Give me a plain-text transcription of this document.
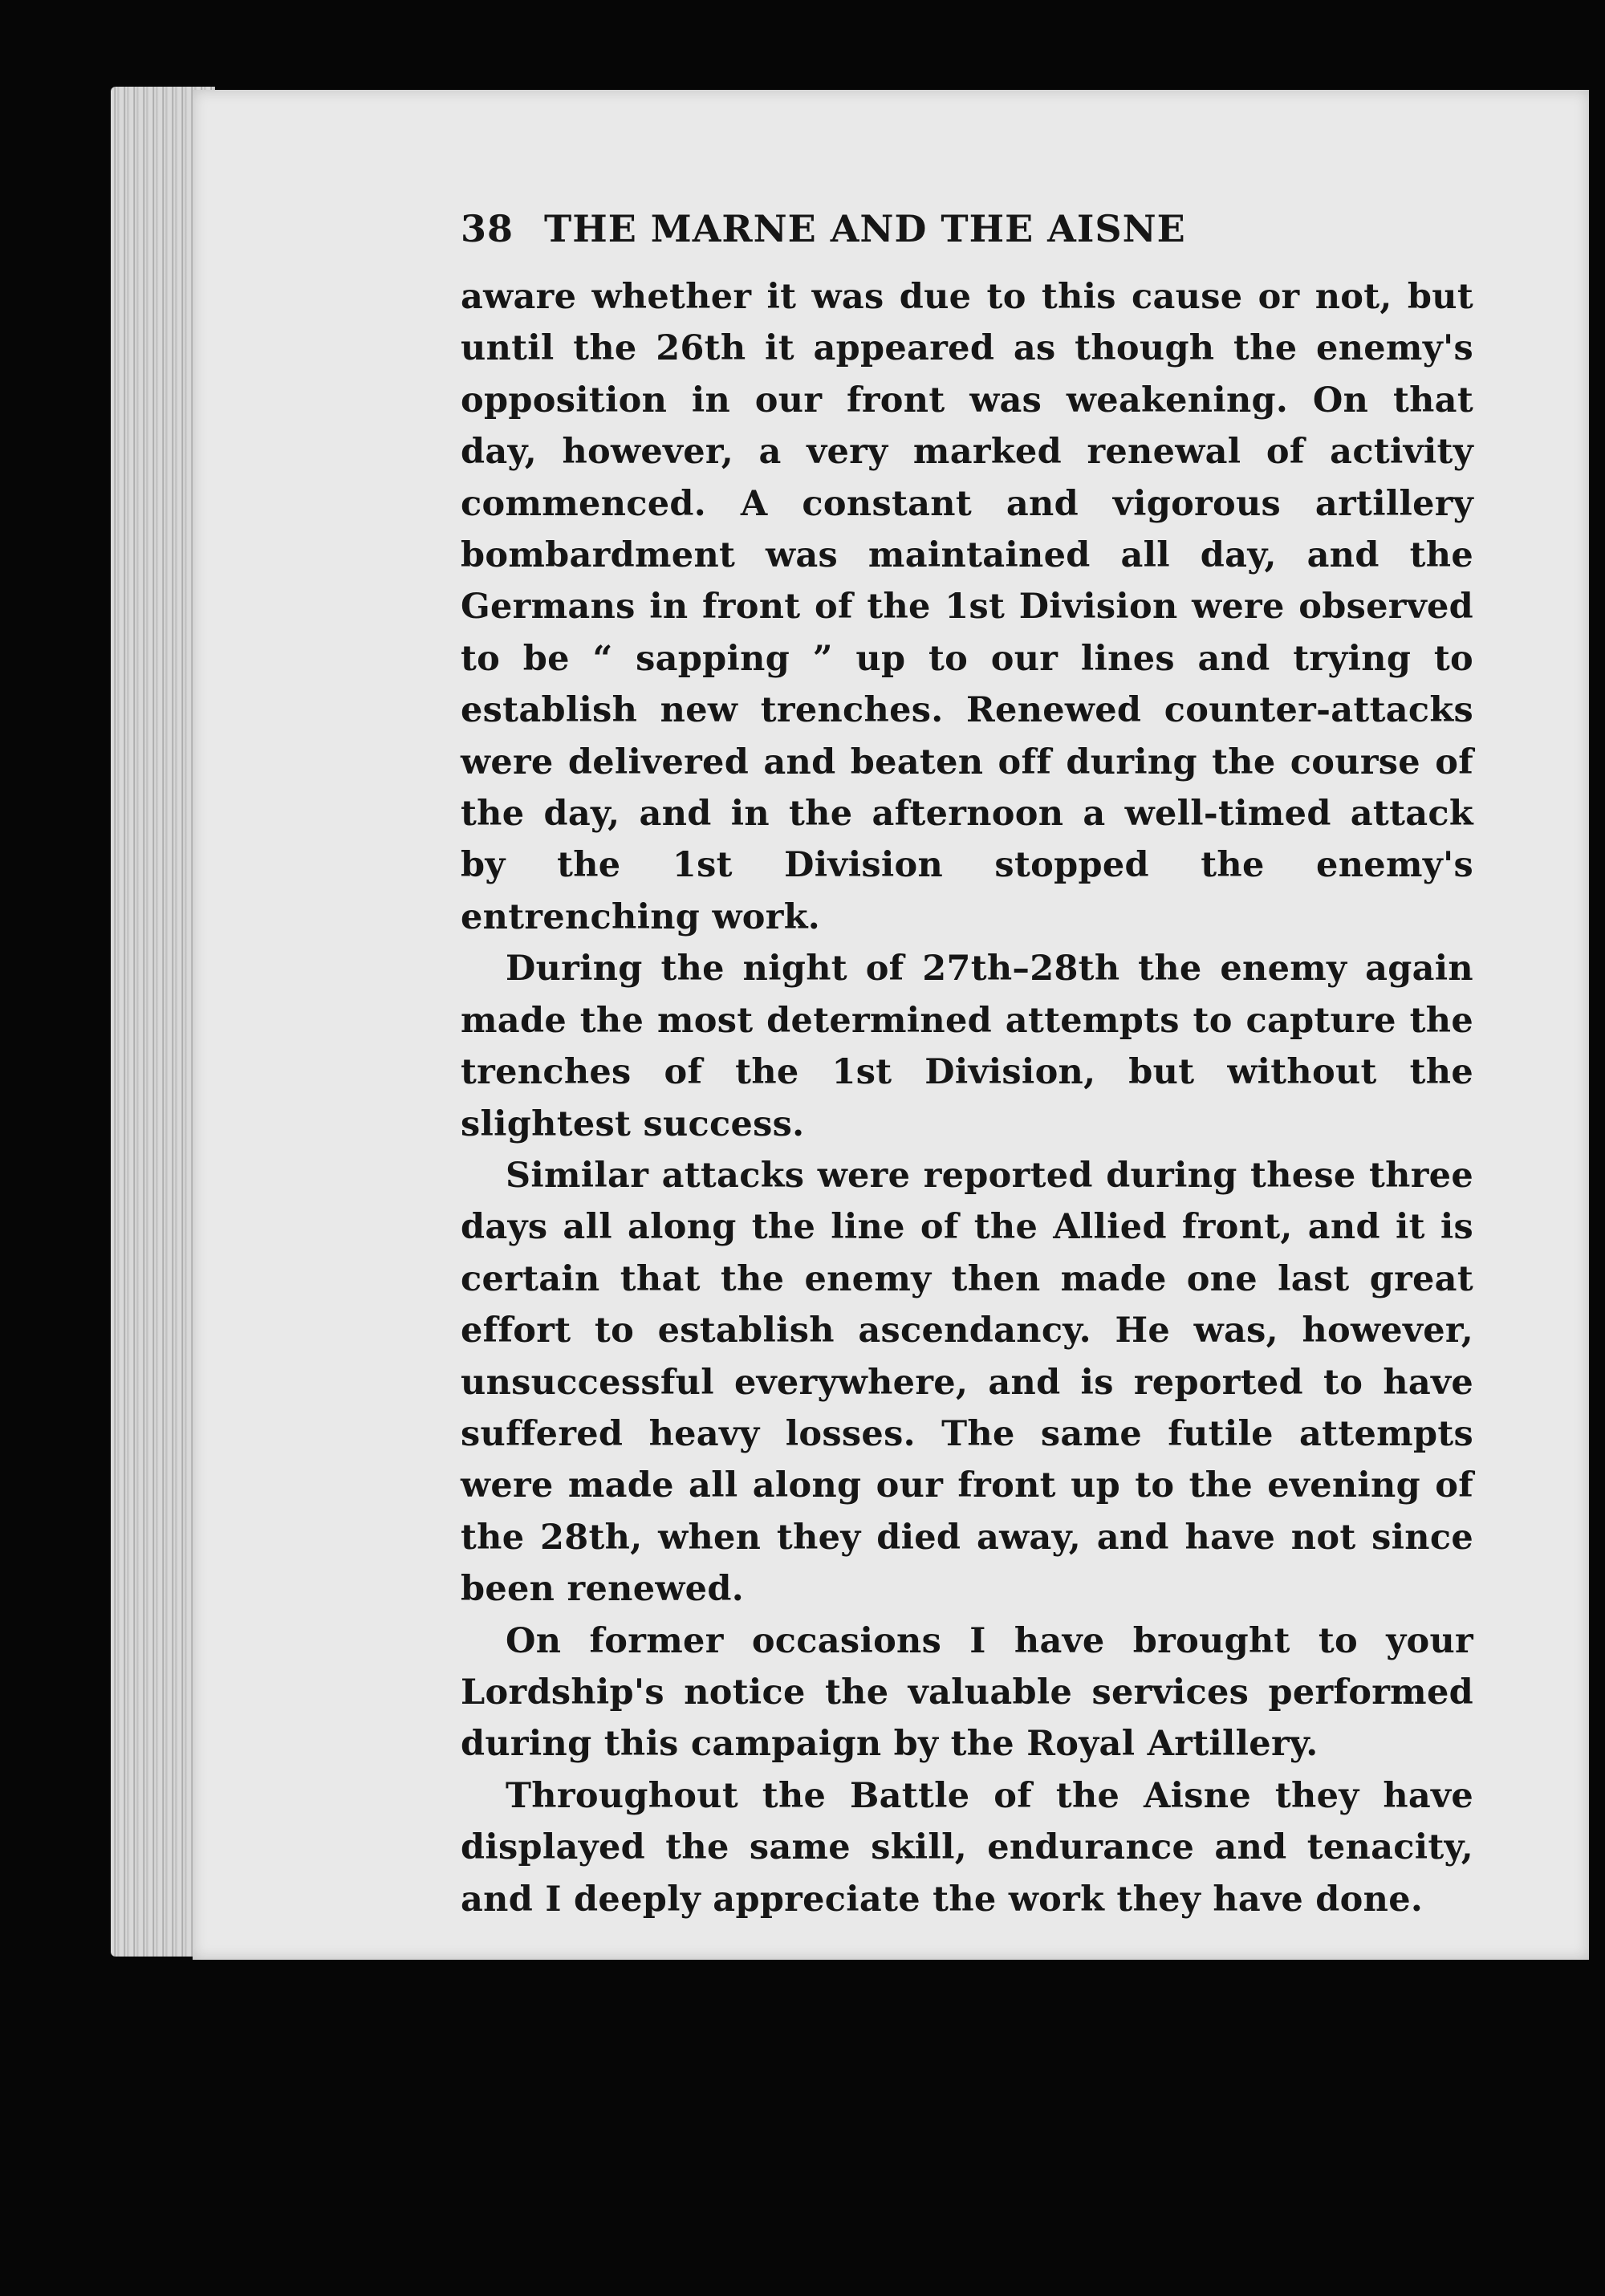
38 THE MARNE AND THE AISNE

aware whether it was due to this cause or not, but until the 26th it appeared as though the enemy's opposition in our front was weakening. On that day, however, a very marked renewal of activity commenced. A constant and vigorous artillery bombardment was maintained all day, and the Germans in front of the 1st Division were observed to be “ sapping ” up to our lines and trying to establish new trenches. Renewed counter-attacks were delivered and beaten off during the course of the day, and in the afternoon a well-timed attack by the 1st Division stopped the enemy's entrenching work.

During the night of 27th–28th the enemy again made the most determined attempts to capture the trenches of the 1st Division, but without the slightest success.

Similar attacks were reported during these three days all along the line of the Allied front, and it is certain that the enemy then made one last great effort to establish ascendancy. He was, however, unsuccessful everywhere, and is reported to have suffered heavy losses. The same futile attempts were made all along our front up to the evening of the 28th, when they died away, and have not since been renewed.

On former occasions I have brought to your Lordship's notice the valuable services performed during this campaign by the Royal Artillery.

Throughout the Battle of the Aisne they have displayed the same skill, endurance and tenacity, and I deeply appreciate the work they have done.
